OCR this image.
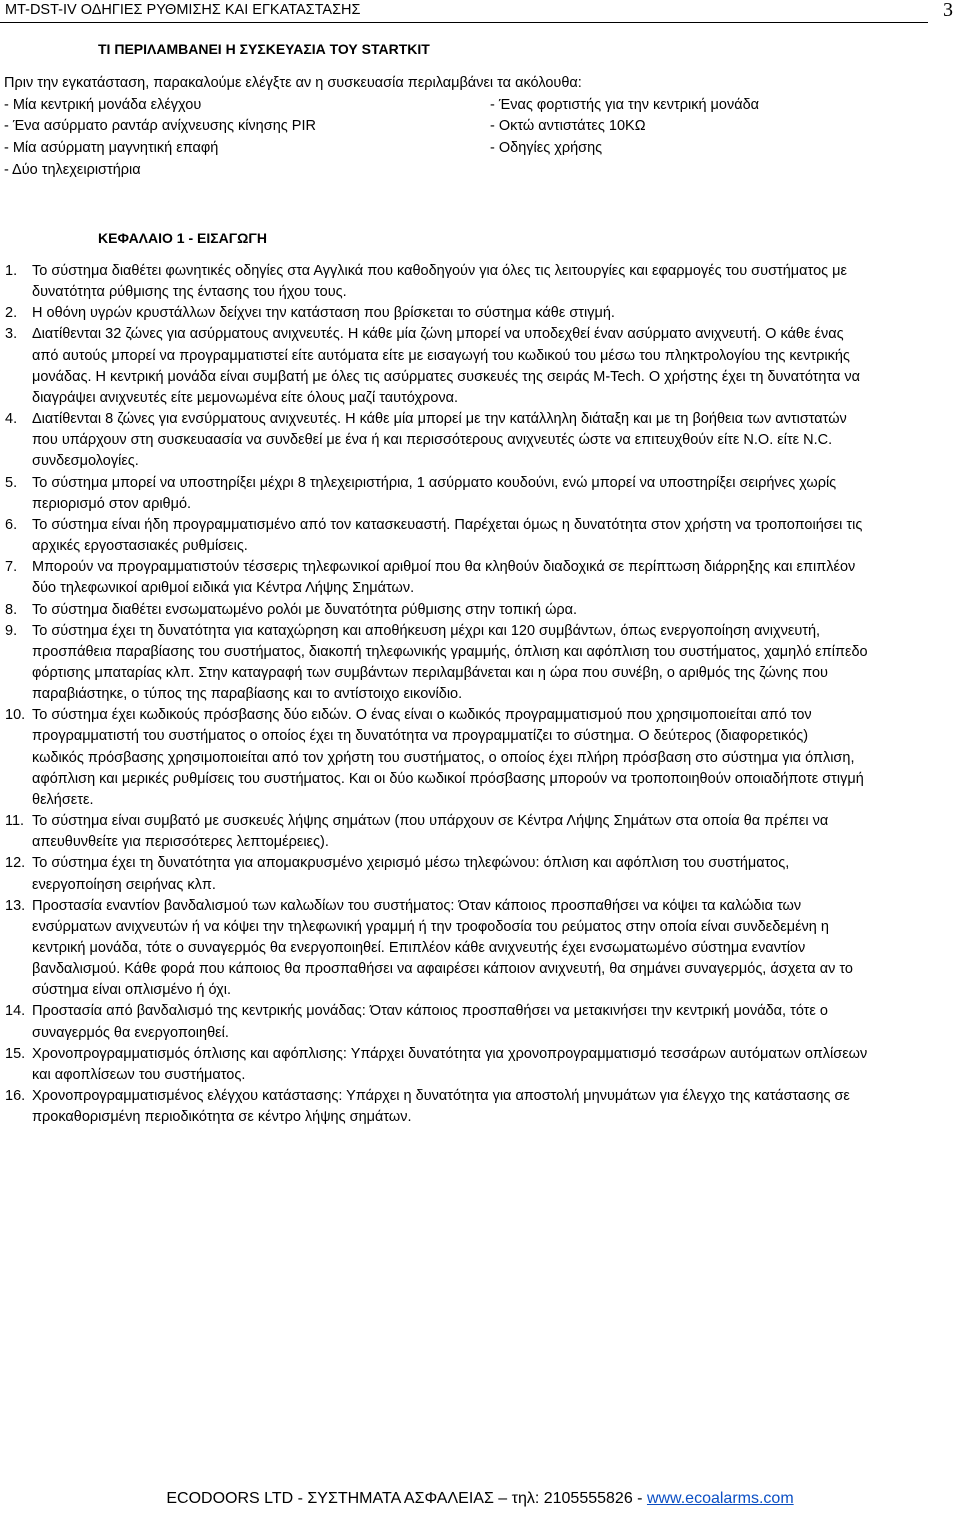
MT-DST-IV ΟΔΗΓΙΕΣ ΡΥΘΜΙΣΗΣ ΚΑΙ ΕΓΚΑΤΑΣΤΑΣΗΣ	3
ΤΙ ΠΕΡΙΛΑΜΒΑΝΕΙ Η ΣΥΣΚΕΥΑΣΙΑ ΤΟΥ STARTKIT
Πριν την εγκατάσταση, παρακαλούμε ελέγξτε αν η συσκευασία περιλαμβάνει τα ακόλουθα:
- Μία κεντρική μονάδα ελέγχου	- Ένας φορτιστής για την κεντρική μονάδα
- Ένα ασύρματο ραντάρ ανίχνευσης κίνησης PIR	- Οκτώ αντιστάτες 10ΚΩ
- Μία ασύρματη μαγνητική επαφή	- Οδηγίες χρήσης
- Δύο τηλεχειριστήρια
ΚΕΦΑΛΑΙΟ 1 - ΕΙΣΑΓΩΓΗ
1.	Το σύστημα διαθέτει φωνητικές οδηγίες στα Αγγλικά που καθοδηγούν για όλες τις λειτουργίες και εφαρμογές του συστήματος με
δυνατότητα ρύθμισης της έντασης του ήχου τους.
2.	Η οθόνη υγρών κρυστάλλων δείχνει την κατάσταση που βρίσκεται το σύστημα κάθε στιγμή.
3.	Διατίθενται 32 ζώνες για ασύρματους ανιχνευτές. Η κάθε μία ζώνη μπορεί να υποδεχθεί έναν ασύρματο ανιχνευτή. Ο κάθε ένας
από αυτούς μπορεί να προγραμματιστεί είτε αυτόματα είτε με εισαγωγή του κωδικού του μέσω του πληκτρολογίου της κεντρικής
μονάδας. Η κεντρική μονάδα είναι συμβατή με όλες τις ασύρματες συσκευές της σειράς M-Tech. Ο χρήστης έχει τη δυνατότητα να
διαγράψει ανιχνευτές είτε μεμονωμένα είτε όλους μαζί ταυτόχρονα.
4.	Διατίθενται 8 ζώνες για ενσύρματους ανιχνευτές. Η κάθε μία μπορεί με την κατάλληλη διάταξη και με τη βοήθεια των αντιστατών
που υπάρχουν στη συσκευαασία να συνδεθεί με ένα ή και περισσότερους ανιχνευτές ώστε να επιτευχθούν είτε N.O. είτε N.C.
συνδεσμολογίες.
5.	Το σύστημα μπορεί να υποστηρίξει μέχρι 8 τηλεχειριστήρια, 1 ασύρματο κουδούνι, ενώ μπορεί να υποστηρίξει σειρήνες χωρίς
περιορισμό στον αριθμό.
6.	Το σύστημα είναι ήδη προγραμματισμένο από τον κατασκευαστή. Παρέχεται όμως η δυνατότητα στον χρήστη να τροποποιήσει τις
αρχικές εργοστασιακές ρυθμίσεις.
7.	Μπορούν να προγραμματιστούν τέσσερις τηλεφωνικοί αριθμοί που θα κληθούν διαδοχικά σε περίπτωση διάρρηξης και επιπλέον
δύο τηλεφωνικοί αριθμοί ειδικά για Κέντρα Λήψης Σημάτων.
8.	Το σύστημα διαθέτει ενσωματωμένο ρολόι με δυνατότητα ρύθμισης στην τοπική ώρα.
9.	Το σύστημα έχει τη δυνατότητα για καταχώρηση και αποθήκευση μέχρι και 120 συμβάντων, όπως ενεργοποίηση ανιχνευτή,
προσπάθεια παραβίασης του συστήματος, διακοπή τηλεφωνικής γραμμής, όπλιση και αφόπλιση του συστήματος, χαμηλό επίπεδο
φόρτισης μπαταρίας κλπ. Στην καταγραφή των συμβάντων περιλαμβάνεται και η ώρα που συνέβη, ο αριθμός της ζώνης που
παραβιάστηκε, ο τύπος της παραβίασης και το αντίστοιχο εικονίδιο.
10. Το σύστημα έχει κωδικούς πρόσβασης δύο ειδών. Ο ένας είναι ο κωδικός προγραμματισμού που χρησιμοποιείται από τον
προγραμματιστή του συστήματος ο οποίος έχει τη δυνατότητα να προγραμματίζει το σύστημα. Ο δεύτερος (διαφορετικός)
κωδικός πρόσβασης χρησιμοποιείται από τον χρήστη του συστήματος, ο οποίος έχει πλήρη πρόσβαση στο σύστημα για όπλιση,
αφόπλιση και μερικές ρυθμίσεις του συστήματος. Και οι δύο κωδικοί πρόσβασης μπορούν να τροποποιηθούν οποιαδήποτε στιγμή
θελήσετε.
11. Το σύστημα είναι συμβατό με συσκευές λήψης σημάτων (που υπάρχουν σε Κέντρα Λήψης Σημάτων στα οποία θα πρέπει να
απευθυνθείτε για περισσότερες λεπτομέρειες).
12. Το σύστημα έχει τη δυνατότητα για απομακρυσμένο χειρισμό μέσω τηλεφώνου: όπλιση και αφόπλιση του συστήματος,
ενεργοποίηση σειρήνας κλπ.
13. Προστασία εναντίον βανδαλισμού των καλωδίων του συστήματος: Όταν κάποιος προσπαθήσει να κόψει τα καλώδια των
ενσύρματων ανιχνευτών ή να κόψει την τηλεφωνική γραμμή ή την τροφοδοσία του ρεύματος στην οποία είναι συνδεδεμένη η
κεντρική μονάδα, τότε ο συναγερμός θα ενεργοποιηθεί. Επιπλέον κάθε ανιχνευτής έχει ενσωματωμένο σύστημα εναντίον
βανδαλισμού. Κάθε φορά που κάποιος θα προσπαθήσει να αφαιρέσει κάποιον ανιχνευτή, θα σημάνει συναγερμός, άσχετα αν το
σύστημα είναι οπλισμένο ή όχι.
14. Προστασία από βανδαλισμό της κεντρικής μονάδας: Όταν κάποιος προσπαθήσει να μετακινήσει την κεντρική μονάδα, τότε ο
συναγερμός θα ενεργοποιηθεί.
15. Χρονοπρογραμματισμός όπλισης και αφόπλισης: Υπάρχει δυνατότητα για χρονοπρογραμματισμό τεσσάρων αυτόματων οπλίσεων
και αφοπλίσεων του συστήματος.
16. Χρονοπρογραμματισμένος ελέγχου κατάστασης: Υπάρχει η δυνατότητα για αποστολή μηνυμάτων για έλεγχο της κατάστασης σε
προκαθορισμένη περιοδικότητα σε κέντρο λήψης σημάτων.
ECODOORS LTD - ΣΥΣΤΗΜΑΤΑ ΑΣΦΑΛΕΙΑΣ – τηλ: 2105555826 - www.ecoalarms.com
